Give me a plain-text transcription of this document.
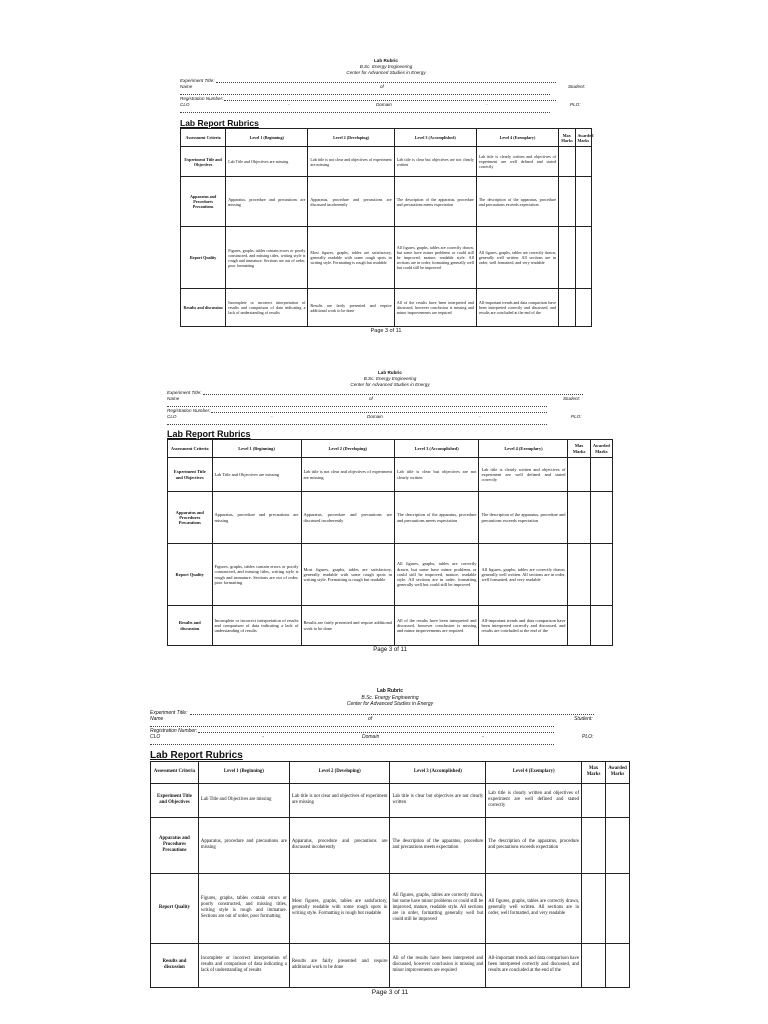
Lab Rubric
B.Sc. Energy Engineering
Center for Advanced Studies in Energy
Experiment Title:
Name	of	Student:
Registration Number:
CLO	-	Domain	-	PLO:
Lab Report Rubrics
Assessment Criteria	Level 1 (Beginning)	Level 2 (Developing)	Level 3 (Accomplished)	Level 4 (Exemplary)	Max Marks	Awarded Marks
Experiment Title and Objectives	Lab Title and Objectives are missing	Lab title is not clear and objectives of experiment are missing	Lab title is clear but objectives are not clearly written	Lab title is clearly written and objectives of experiment are well defined and stated correctly		
Apparatus and Procedures Precautions	Apparatus, procedure and precautions are missing	Apparatus, procedure and precautions are discussed incoherently	The description of the apparatus, procedure and precautions meets expectation	The description of the apparatus, procedure and precautions exceeds expectation		
Report Quality	Figures, graphs, tables contain errors or poorly constructed, and missing titles, writing style is rough and immature. Sections are out of order, poor formatting	Most figures, graphs, tables are satisfactory, generally readable with some rough spots in writing style. Formatting is rough but readable	All figures, graphs, tables are correctly drawn, but some have minor problems or could still be improved, mature, readable style. All sections are in order, formatting generally well but could still be improved	All figures, graphs, tables are correctly drawn, generally well written. All sections are in order, well formatted, and very readable		
Results and discussion	Incomplete or incorrect interpretation of results and comparison of data indicating a lack of understanding of results	Results are fairly presented and require additional work to be done	All of the results have been interpreted and discussed, however conclusion is missing and minor improvements are required	All-important trends and data comparison have been interpreted correctly and discussed, and results are concluded at the end of the		
Page 3 of 11
Lab Rubric
B.Sc. Energy Engineering
Center for Advanced Studies in Energy
Experiment Title:
Name	of	Student:
Registration Number:
CLO	-	Domain	-	PLO:
Lab Report Rubrics
Assessment Criteria	Level 1 (Beginning)	Level 2 (Developing)	Level 3 (Accomplished)	Level 4 (Exemplary)	Max Marks	Awarded Marks
Experiment Title and Objectives	Lab Title and Objectives are missing	Lab title is not clear and objectives of experiment are missing	Lab title is clear but objectives are not clearly written	Lab title is clearly written and objectives of experiment are well defined and stated correctly		
Apparatus and Procedures Precautions	Apparatus, procedure and precautions are missing	Apparatus, procedure and precautions are discussed incoherently	The description of the apparatus, procedure and precautions meets expectation	The description of the apparatus, procedure and precautions exceeds expectation		
Report Quality	Figures, graphs, tables contain errors or poorly constructed, and missing titles, writing style is rough and immature. Sections are out of order, poor formatting	Most figures, graphs, tables are satisfactory, generally readable with some rough spots in writing style. Formatting is rough but readable	All figures, graphs, tables are correctly drawn, but some have minor problems or could still be improved, mature, readable style. All sections are in order, formatting generally well but could still be improved	All figures, graphs, tables are correctly drawn, generally well written. All sections are in order, well formatted, and very readable		
Results and discussion	Incomplete or incorrect interpretation of results and comparison of data indicating a lack of understanding of results	Results are fairly presented and require additional work to be done	All of the results have been interpreted and discussed, however conclusion is missing and minor improvements are required	All-important trends and data comparison have been interpreted correctly and discussed, and results are concluded at the end of the		
Page 3 of 11
Lab Rubric
B.Sc. Energy Engineering
Center for Advanced Studies in Energy
Experiment Title:
Name	of	Student:
Registration Number:
CLO	-	Domain	-	PLO:
Lab Report Rubrics
Assessment Criteria	Level 1 (Beginning)	Level 2 (Developing)	Level 3 (Accomplished)	Level 4 (Exemplary)	Max Marks	Awarded Marks
Experiment Title and Objectives	Lab Title and Objectives are missing	Lab title is not clear and objectives of experiment are missing	Lab title is clear but objectives are not clearly written	Lab title is clearly written and objectives of experiment are well defined and stated correctly		
Apparatus and Procedures Precautions	Apparatus, procedure and precautions are missing	Apparatus, procedure and precautions are discussed incoherently	The description of the apparatus, procedure and precautions meets expectation	The description of the apparatus, procedure and precautions exceeds expectation		
Report Quality	Figures, graphs, tables contain errors or poorly constructed, and missing titles, writing style is rough and immature. Sections are out of order, poor formatting	Most figures, graphs, tables are satisfactory, generally readable with some rough spots in writing style. Formatting is rough but readable	All figures, graphs, tables are correctly drawn, but some have minor problems or could still be improved, mature, readable style. All sections are in order, formatting generally well but could still be improved	All figures, graphs, tables are correctly drawn, generally well written. All sections are in order, well formatted, and very readable		
Results and discussion	Incomplete or incorrect interpretation of results and comparison of data indicating a lack of understanding of results	Results are fairly presented and require additional work to be done	All of the results have been interpreted and discussed, however conclusion is missing and minor improvements are required	All-important trends and data comparison have been interpreted correctly and discussed, and results are concluded at the end of the		
Page 3 of 11
